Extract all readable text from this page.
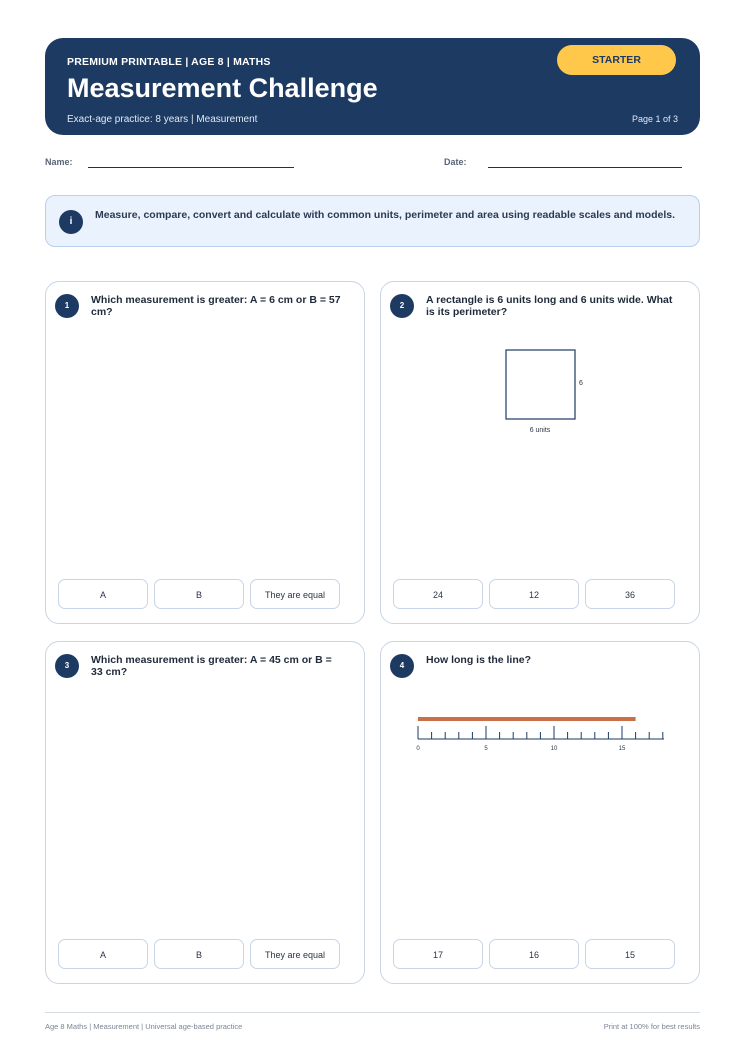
PREMIUM PRINTABLE | AGE 8 | MATHS
Measurement Challenge
Exact-age practice: 8 years | Measurement	Page 1 of 3
STARTER
Name:	Date:
i
Measure, compare, convert and calculate with common units, perimeter and area using readable scales and models.
1	Which measurement is greater: A = 6 cm or B = 57 cm?
A	B	They are equal
2	A rectangle is 6 units long and 6 units wide. What is its perimeter?
6
6 units
24	12	36
3	Which measurement is greater: A = 45 cm or B = 33 cm?
A	B	They are equal
4	How long is the line?
0	5	10	15
17	16	15
Age 8 Maths | Measurement | Universal age-based practice	Print at 100% for best results
